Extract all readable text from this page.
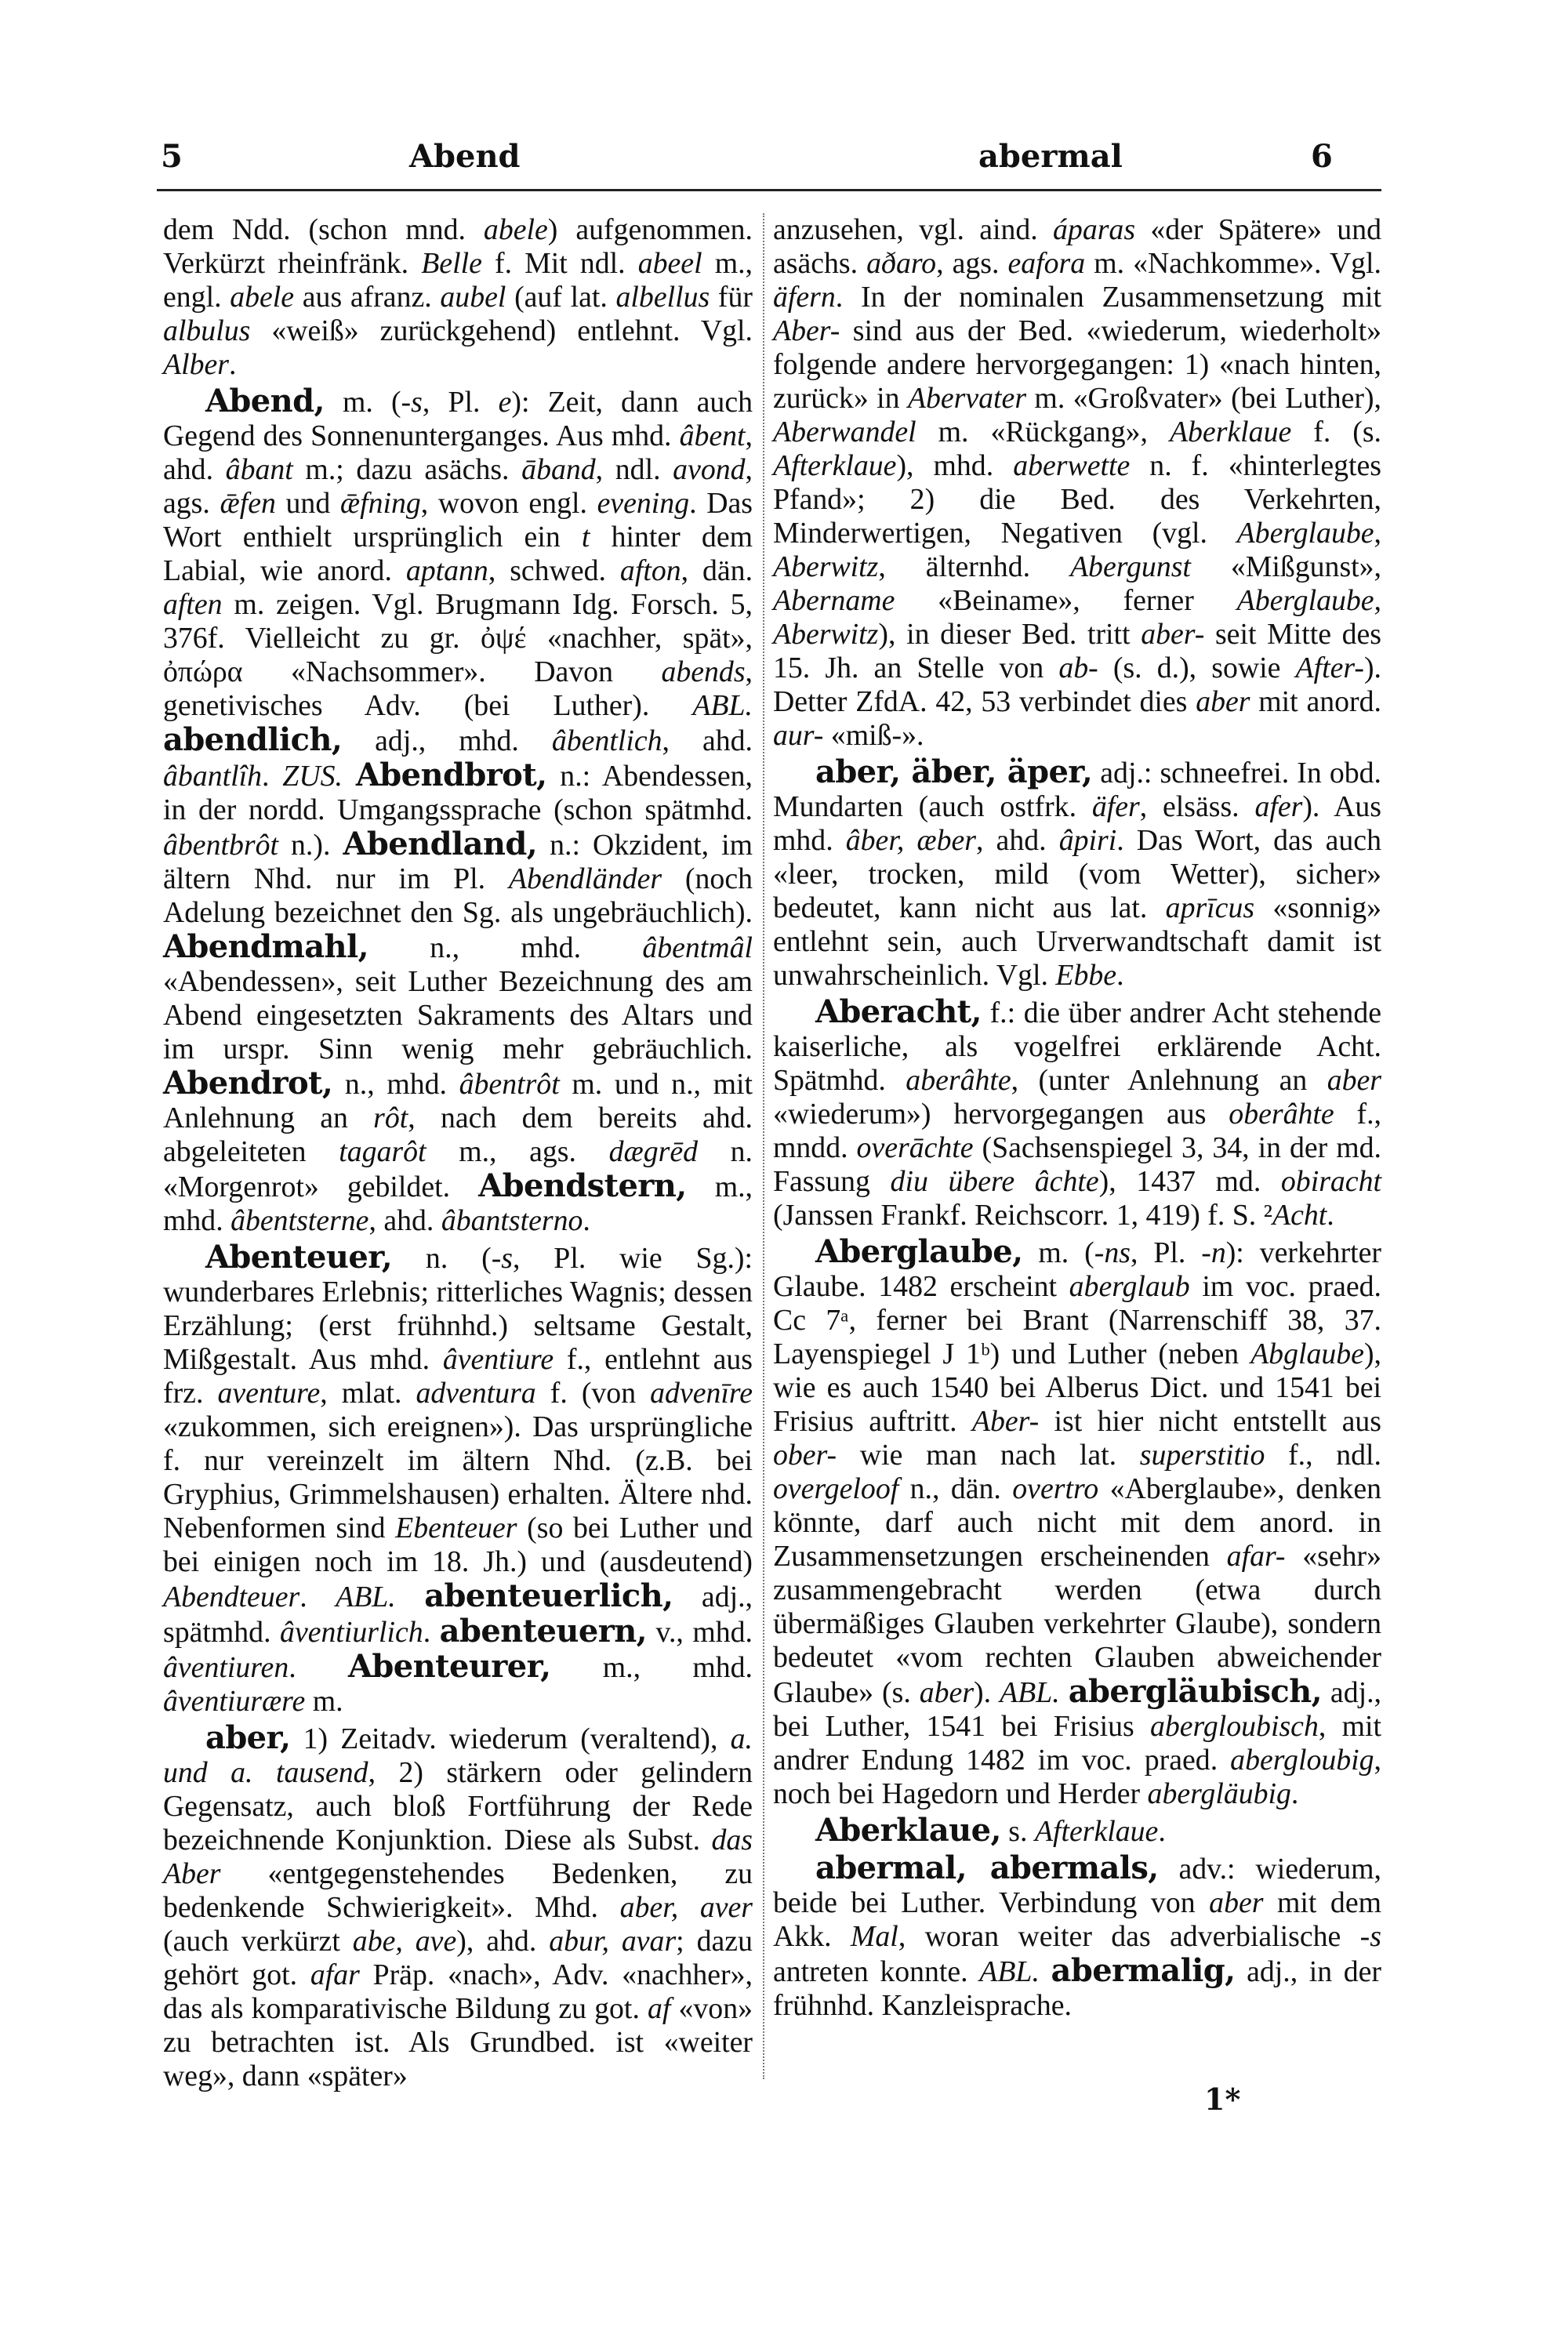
5	Abend	abermal	6

dem Ndd. (schon mnd. abele) aufgenommen. Verkürzt rheinfränk. Belle f. Mit ndl. abeel m., engl. abele aus afranz. aubel (auf lat. albellus für albulus «weiß» zurückgehend) entlehnt. Vgl. Alber.

Abend, m. (-s, Pl. e): Zeit, dann auch Gegend des Sonnenunterganges. Aus mhd. âbent, ahd. âbant m.; dazu asächs. āband, ndl. avond, ags. ǣfen und ǣfning, wovon engl. evening. Das Wort enthielt ursprünglich ein t hinter dem Labial, wie anord. aptann, schwed. afton, dän. aften m. zeigen. Vgl. Brugmann Idg. Forsch. 5, 376f. Vielleicht zu gr. ὀψέ «nachher, spät», ὀπώρα «Nachsommer». Davon abends, genetivisches Adv. (bei Luther). ABL. abendlich, adj., mhd. âbentlich, ahd. âbantlîh. ZUS. Abendbrot, n.: Abendessen, in der nordd. Umgangssprache (schon spätmhd. âbentbrôt n.). Abendland, n.: Okzident, im ältern Nhd. nur im Pl. Abendländer (noch Adelung bezeichnet den Sg. als ungebräuchlich). Abendmahl, n., mhd. âbentmâl «Abendessen», seit Luther Bezeichnung des am Abend eingesetzten Sakraments des Altars und im urspr. Sinn wenig mehr gebräuchlich. Abendrot, n., mhd. âbentrôt m. und n., mit Anlehnung an rôt, nach dem bereits ahd. abgeleiteten tagarôt m., ags. dægrēd n. «Morgenrot» gebildet. Abendstern, m., mhd. âbentsterne, ahd. âbantsterno.

Abenteuer, n. (-s, Pl. wie Sg.): wunderbares Erlebnis; ritterliches Wagnis; dessen Erzählung; (erst frühnhd.) seltsame Gestalt, Mißgestalt. Aus mhd. âventiure f., entlehnt aus frz. aventure, mlat. adventura f. (von advenīre «zukommen, sich ereignen»). Das ursprüngliche f. nur vereinzelt im ältern Nhd. (z.B. bei Gryphius, Grimmelshausen) erhalten. Ältere nhd. Nebenformen sind Ebenteuer (so bei Luther und bei einigen noch im 18. Jh.) und (ausdeutend) Abendteuer. ABL. abenteuerlich, adj., spätmhd. âventiurlich. abenteuern, v., mhd. âventiuren. Abenteurer, m., mhd. âventiurære m.

aber, 1) Zeitadv. wiederum (veraltend), a. und a. tausend, 2) stärkern oder gelindern Gegensatz, auch bloß Fortführung der Rede bezeichnende Konjunktion. Diese als Subst. das Aber «entgegenstehendes Bedenken, zu bedenkende Schwierigkeit». Mhd. aber, aver (auch verkürzt abe, ave), ahd. abur, avar; dazu gehört got. afar Präp. «nach», Adv. «nachher», das als komparativische Bildung zu got. af «von» zu betrachten ist. Als Grundbed. ist «weiter weg», dann «später»

anzusehen, vgl. aind. áparas «der Spätere» und asächs. aðaro, ags. eafora m. «Nachkomme». Vgl. äfern. In der nominalen Zusammensetzung mit Aber- sind aus der Bed. «wiederum, wiederholt» folgende andere hervorgegangen: 1) «nach hinten, zurück» in Abervater m. «Großvater» (bei Luther), Aberwandel m. «Rückgang», Aberklaue f. (s. Afterklaue), mhd. aberwette n. f. «hinterlegtes Pfand»; 2) die Bed. des Verkehrten, Minderwertigen, Negativen (vgl. Aberglaube, Aberwitz, älternhd. Abergunst «Mißgunst», Abername «Beiname», ferner Aberglaube, Aberwitz), in dieser Bed. tritt aber- seit Mitte des 15. Jh. an Stelle von ab- (s. d.), sowie After-). Detter ZfdA. 42, 53 verbindet dies aber mit anord. aur- «miß-».

aber, äber, äper, adj.: schneefrei. In obd. Mundarten (auch ostfrk. äfer, elsäss. afer). Aus mhd. âber, æber, ahd. âpiri. Das Wort, das auch «leer, trocken, mild (vom Wetter), sicher» bedeutet, kann nicht aus lat. aprīcus «sonnig» entlehnt sein, auch Urverwandtschaft damit ist unwahrscheinlich. Vgl. Ebbe.

Aberacht, f.: die über andrer Acht stehende kaiserliche, als vogelfrei erklärende Acht. Spätmhd. aberâhte, (unter Anlehnung an aber «wiederum») hervorgegangen aus oberâhte f., mndd. overāchte (Sachsenspiegel 3, 34, in der md. Fassung diu übere âchte), 1437 md. obiracht (Janssen Frankf. Reichscorr. 1, 419) f. S. ²Acht.

Aberglaube, m. (-ns, Pl. -n): verkehrter Glaube. 1482 erscheint aberglaub im voc. praed. Cc 7ᵃ, ferner bei Brant (Narrenschiff 38, 37. Layenspiegel J 1ᵇ) und Luther (neben Abglaube), wie es auch 1540 bei Alberus Dict. und 1541 bei Frisius auftritt. Aber- ist hier nicht entstellt aus ober- wie man nach lat. superstitio f., ndl. overgeloof n., dän. overtro «Aberglaube», denken könnte, darf auch nicht mit dem anord. in Zusammensetzungen erscheinenden afar- «sehr» zusammengebracht werden (etwa durch übermäßiges Glauben verkehrter Glaube), sondern bedeutet «vom rechten Glauben abweichender Glaube» (s. aber). ABL. abergläubisch, adj., bei Luther, 1541 bei Frisius abergloubisch, mit andrer Endung 1482 im voc. praed. abergloubig, noch bei Hagedorn und Herder abergläubig.

Aberklaue, s. Afterklaue.

abermal, abermals, adv.: wiederum, beide bei Luther. Verbindung von aber mit dem Akk. Mal, woran weiter das adverbialische -s antreten konnte. ABL. abermalig, adj., in der frühnhd. Kanzleisprache.

1*
